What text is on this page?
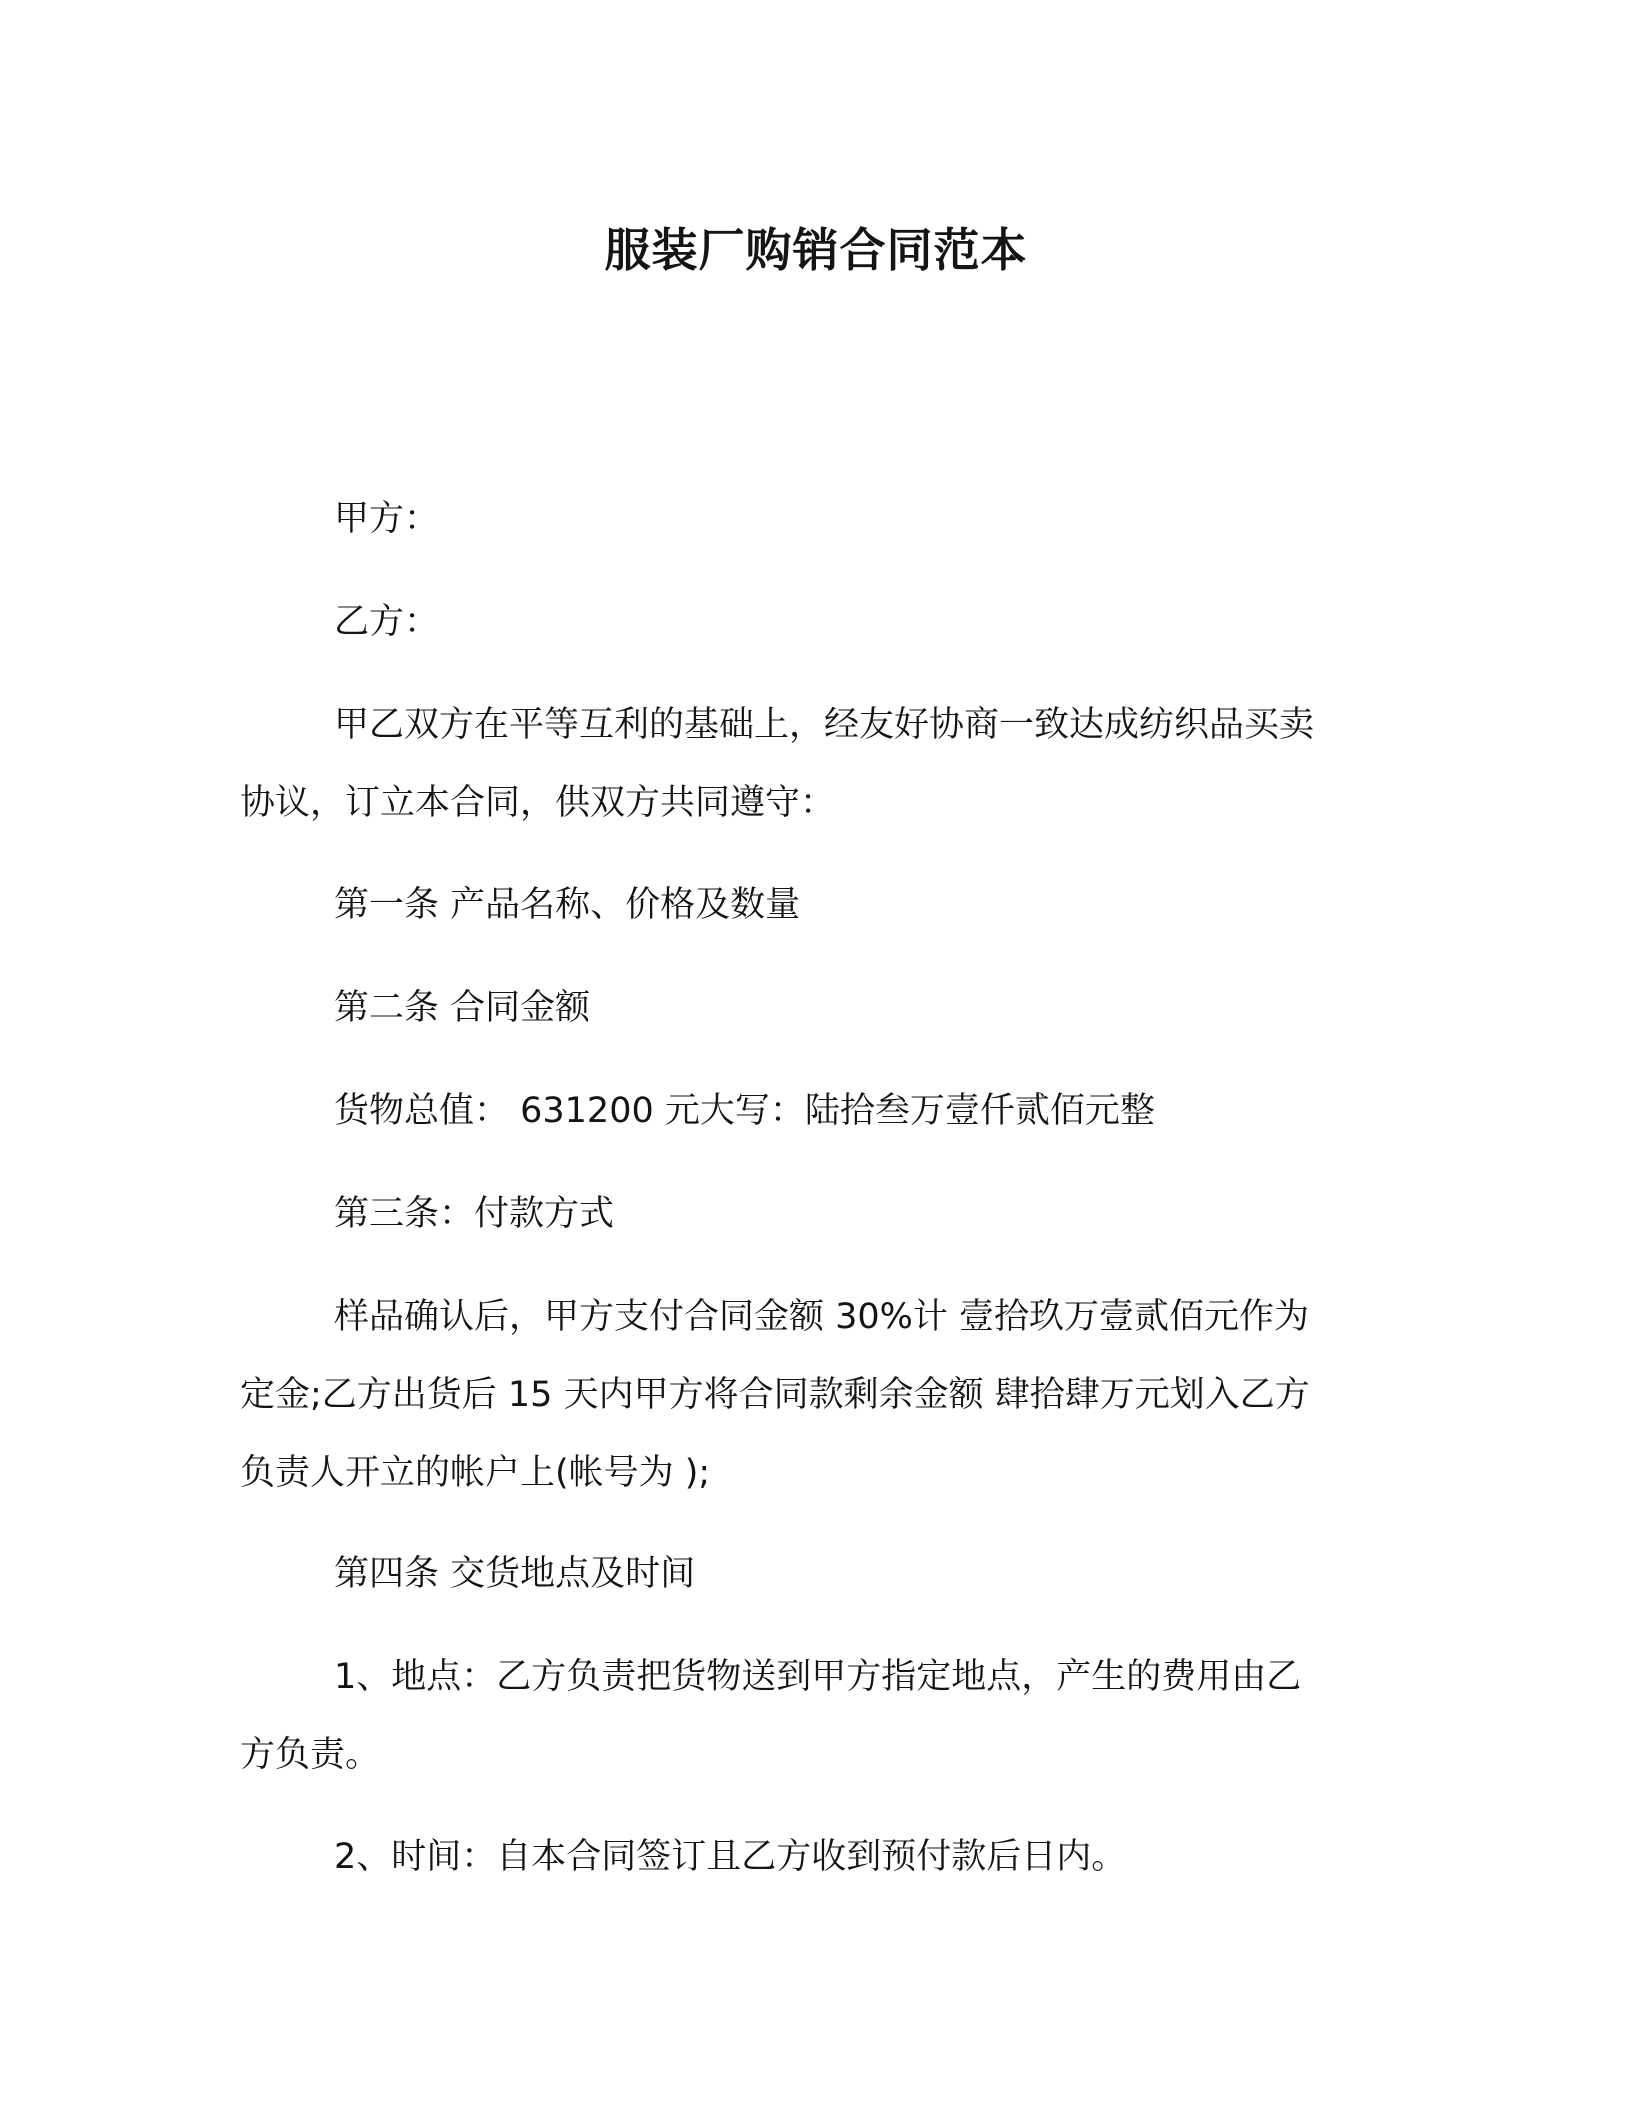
服装厂购销合同范本
甲方：
乙方：
甲乙双方在平等互利的基础上，经友好协商一致达成纺织品买卖
协议，订立本合同，供双方共同遵守：
第一条 产品名称、价格及数量
第二条 合同金额
货物总值： 631200 元大写：陆拾叁万壹仟贰佰元整
第三条：付款方式
样品确认后，甲方支付合同金额 30%计 壹拾玖万壹贰佰元作为
定金;乙方出货后 15 天内甲方将合同款剩余金额 肆拾肆万元划入乙方
负责人开立的帐户上(帐号为 );
第四条 交货地点及时间
1、地点：乙方负责把货物送到甲方指定地点，产生的费用由乙
方负责。
2、时间：自本合同签订且乙方收到预付款后日内。
